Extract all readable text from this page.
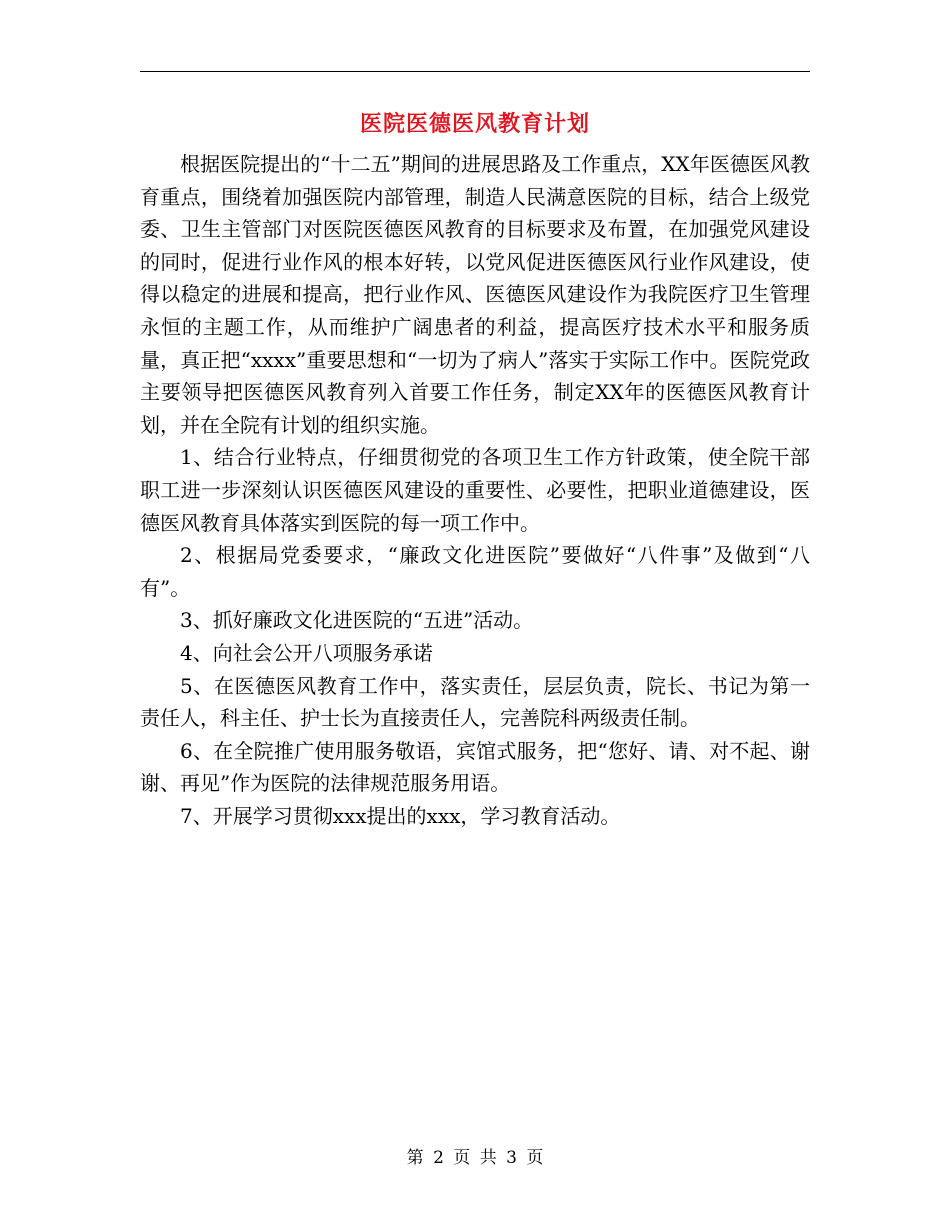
医院医德医风教育计划

根据医院提出的“十二五”期间的进展思路及工作重点，XX年医德医风教育重点，围绕着加强医院内部管理，制造人民满意医院的目标，结合上级党委、卫生主管部门对医院医德医风教育的目标要求及布置，在加强党风建设的同时，促进行业作风的根本好转，以党风促进医德医风行业作风建设，使得以稳定的进展和提高，把行业作风、医德医风建设作为我院医疗卫生管理永恒的主题工作，从而维护广阔患者的利益，提高医疗技术水平和服务质量，真正把“xxxx”重要思想和“一切为了病人”落实于实际工作中。医院党政主要领导把医德医风教育列入首要工作任务，制定XX年的医德医风教育计划，并在全院有计划的组织实施。

1、结合行业特点，仔细贯彻党的各项卫生工作方针政策，使全院干部职工进一步深刻认识医德医风建设的重要性、必要性，把职业道德建设，医德医风教育具体落实到医院的每一项工作中。

2、根据局党委要求，“廉政文化进医院”要做好“八件事”及做到“八有”。

3、抓好廉政文化进医院的“五进”活动。

4、向社会公开八项服务承诺

5、在医德医风教育工作中，落实责任，层层负责，院长、书记为第一责任人，科主任、护士长为直接责任人，完善院科两级责任制。

6、在全院推广使用服务敬语，宾馆式服务，把“您好、请、对不起、谢谢、再见”作为医院的法律规范服务用语。

7、开展学习贯彻xxx提出的xxx，学习教育活动。

第 2 页 共 3 页
